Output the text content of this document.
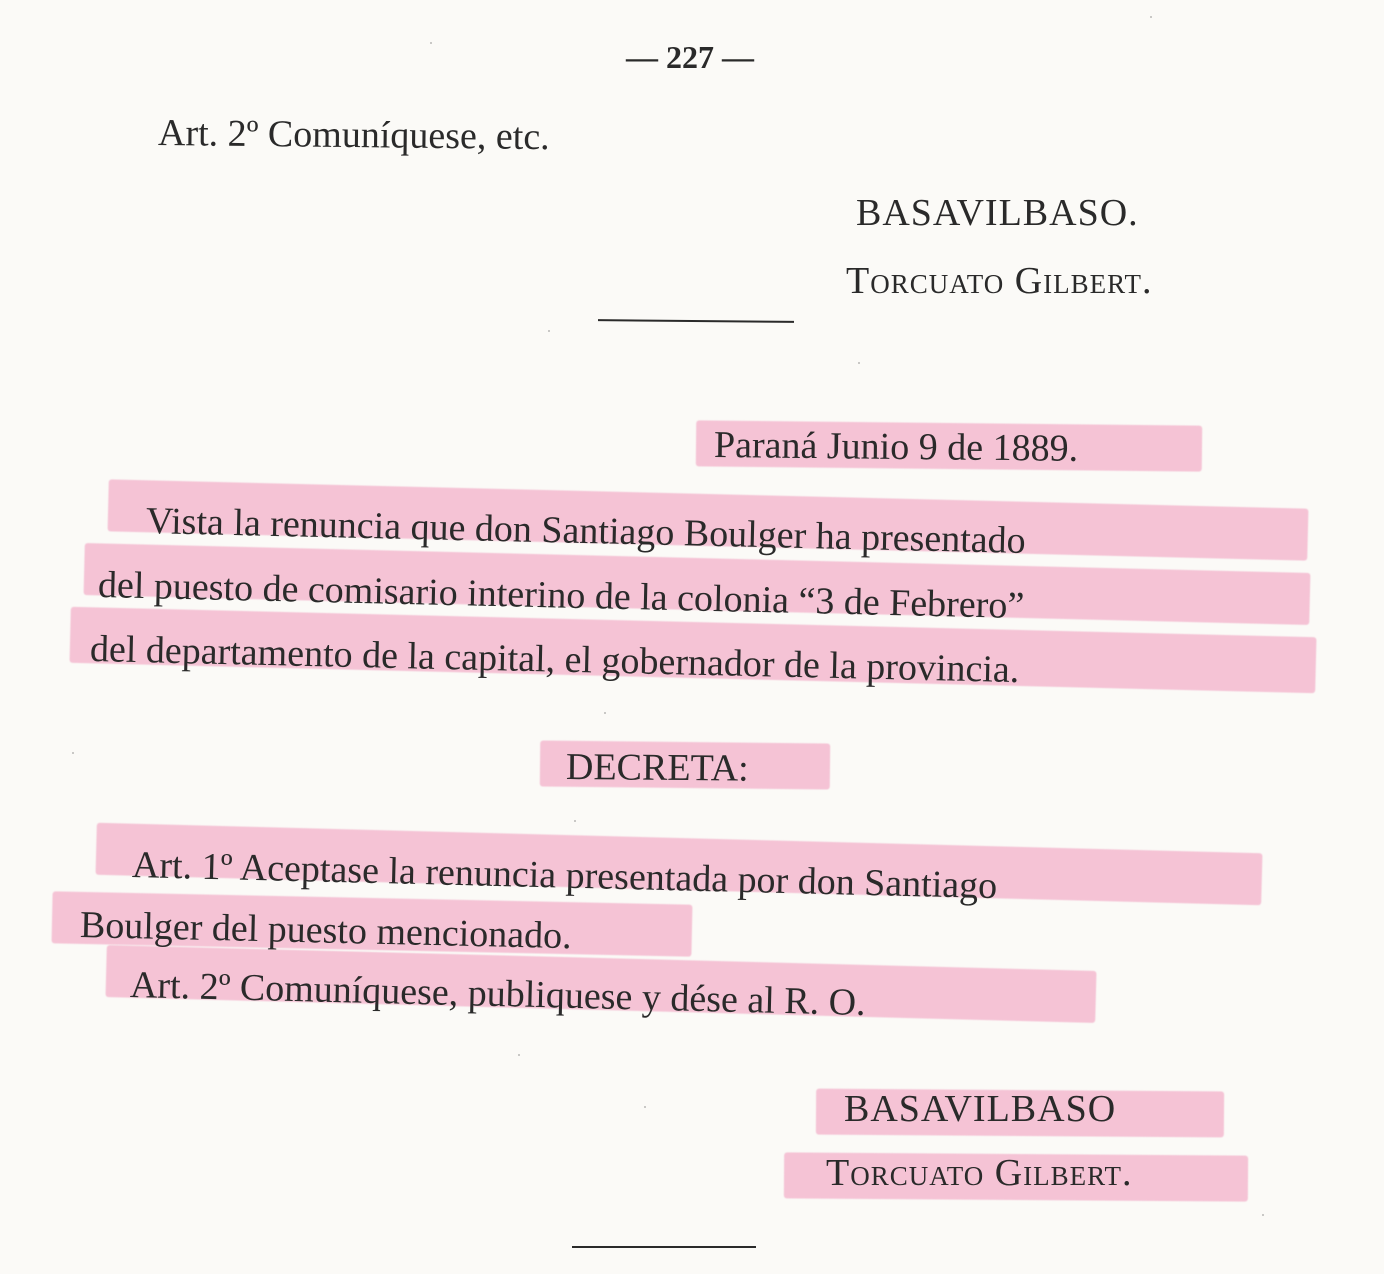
— 227 —
Art. 2º Comuníquese, etc.
BASAVILBASO.
Torcuato Gilbert.
Paraná Junio 9 de 1889.
Vista la renuncia que don Santiago Boulger ha presentado
del puesto de comisario interino de la colonia “3 de Febrero”
del departamento de la capital, el gobernador de la provincia.
DECRETA:
Art. 1º Aceptase la renuncia presentada por don Santiago
Boulger del puesto mencionado.
Art. 2º Comuníquese, publiquese y dése al R. O.
BASAVILBASO
Torcuato Gilbert.
